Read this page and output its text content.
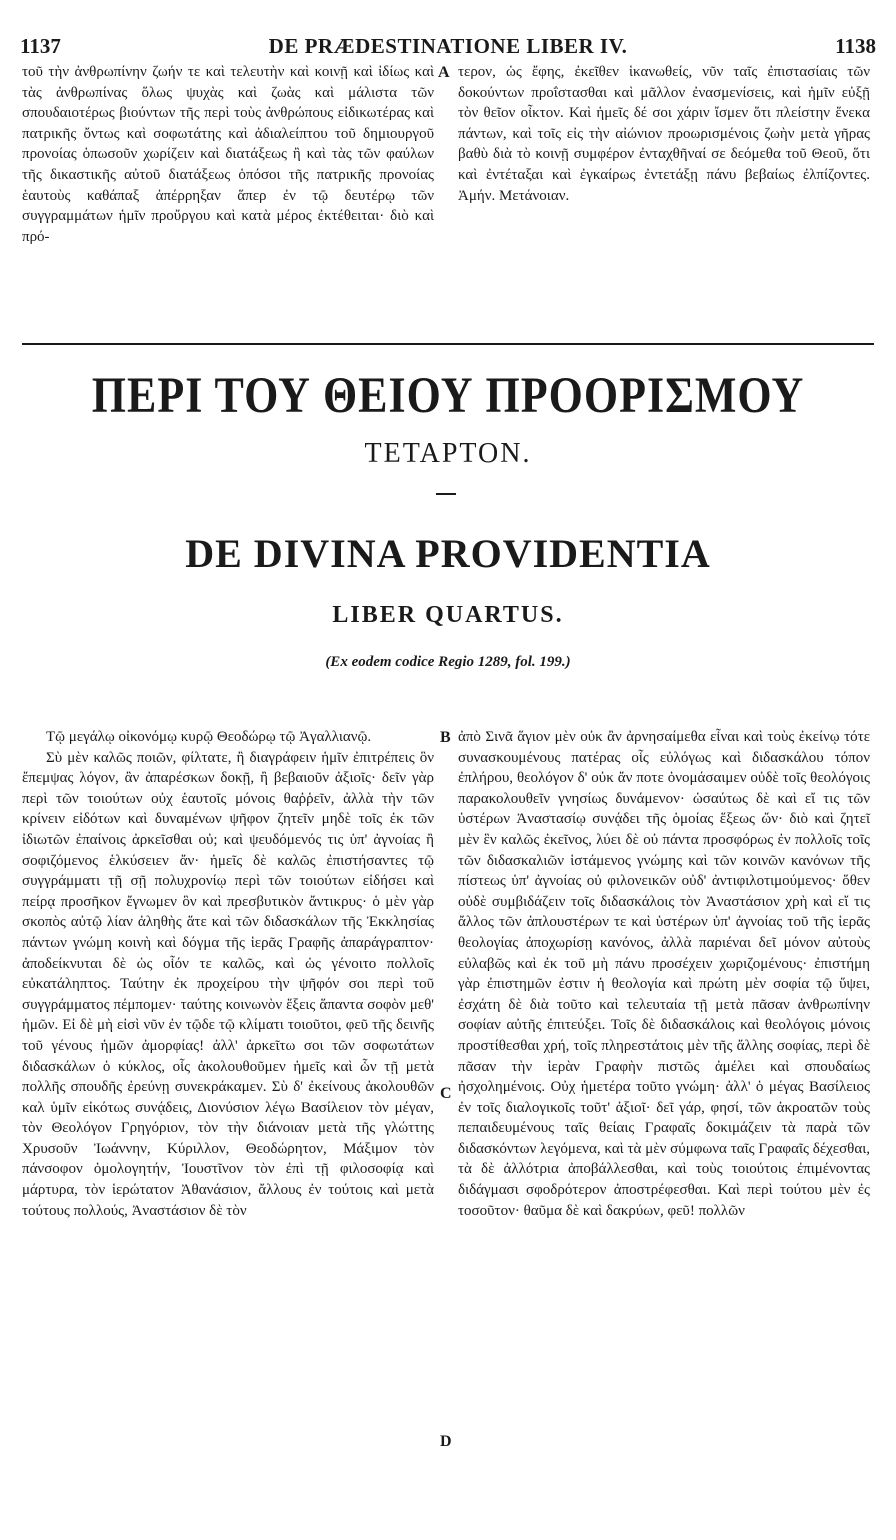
1137	DE PRÆDESTINATIONE LIBER IV.	1138

τοῦ τὴν ἀνθρωπίνην ζωήν τε καὶ τελευτὴν καὶ κοινῇ καὶ ἰδίως καὶ τὰς ἀνθρωπίνας ὅλως ψυχὰς καὶ ζωὰς καὶ μάλιστα τῶν σπουδαιοτέρως βιούντων τῆς περὶ τοὺς ἀνθρώπους εἰδικωτέρας καὶ πατρικῆς ὄντως καὶ σοφωτάτης καὶ ἀδιαλείπτου τοῦ δημιουργοῦ προνοίας ὁπωσοῦν χωρίζειν καὶ διατάξεως ἢ καὶ τὰς τῶν φαύλων τῆς δικαστικῆς αὐτοῦ διατάξεως ὁπόσοι τῆς πατρικῆς προνοίας ἑαυτοὺς καθάπαξ ἀπέρρηξαν ἅπερ ἐν τῷ δευτέρῳ τῶν συγγραμμάτων ἡμῖν προὔργου καὶ κατὰ μέρος ἐκτέθειται· διὸ καὶ πρό-

A τερον, ὡς ἔφης, ἐκεῖθεν ἱκανωθείς, νῦν ταῖς ἐπιστασίαις τῶν δοκούντων προΐστασθαι καὶ μᾶλλον ἐνασμενίσεις, καὶ ἡμῖν εὐξῇ τὸν θεῖον οἶκτον. Καὶ ἡμεῖς δέ σοι χάριν ἴσμεν ὅτι πλείστην ἕνεκα πάντων, καὶ τοῖς εἰς τὴν αἰώνιον προωρισμένοις ζωὴν μετὰ γῆρας βαθὺ διὰ τὸ κοινῇ συμφέρον ἐνταχθῆναί σε δεόμεθα τοῦ Θεοῦ, ὅτι καὶ ἐντέταξαι καὶ ἐγκαίρως ἐντετάξῃ πάνυ βεβαίως ἐλπίζοντες. Ἀμήν. Μετάνοιαν.

ΠΕΡΙ ΤΟΥ ΘΕΙΟΥ ΠΡΟΟΡΙΣΜΟΥ
ΤΕΤΑΡΤΟΝ.
DE DIVINA PROVIDENTIA
LIBER QUARTUS.
(Ex eodem codice Regio 1289, fol. 199.)

Τῷ μεγάλῳ οἰκονόμῳ κυρῷ Θεοδώρῳ τῷ Ἀγαλλιανῷ.

Σὺ μὲν καλῶς ποιῶν, φίλτατε, ἢ διαγράφειν ἡμῖν ἐπιτρέπεις ὃν ἔπεμψας λόγον, ἂν ἀπαρέσκων δοκῇ, ἢ βεβαιοῦν ἀξιοῖς· δεῖν γὰρ περὶ τῶν τοιούτων οὐχ ἑαυτοῖς μόνοις θαῤῥεῖν, ἀλλὰ τὴν τῶν κρίνειν εἰδότων καὶ δυναμένων ψῆφον ζητεῖν μηδὲ τοῖς ἐκ τῶν ἰδιωτῶν ἐπαίνοις ἀρκεῖσθαι οὐ; καὶ ψευδόμενός τις ὑπ' ἀγνοίας ἢ σοφιζόμενος ἑλκύσειεν ἄν· ἡμεῖς δὲ καλῶς ἐπιστήσαντες τῷ συγγράμματι τῇ σῇ πολυχρονίῳ περὶ τῶν τοιούτων εἰδήσει καὶ πείρᾳ προσῆκον ἔγνωμεν ὃν καὶ πρεσβυτικὸν ἄντικρυς· ὁ μὲν γὰρ σκοπὸς αὐτῷ λίαν ἀληθὴς ἅτε καὶ τῶν διδασκάλων τῆς Ἐκκλησίας πάντων γνώμη κοινὴ καὶ δόγμα τῆς ἱερᾶς Γραφῆς ἀπαράγραπτον· ἀποδείκνυται δὲ ὡς οἷόν τε καλῶς, καὶ ὡς γένοιτο πολλοῖς εὐκατάληπτος. Ταύτην ἐκ προχείρου τὴν ψῆφόν σοι περὶ τοῦ συγγράμματος πέμπομεν· ταύτης κοινωνὸν ἕξεις ἅπαντα σοφὸν μεθ' ἡμῶν. Εἰ δὲ μὴ εἰσὶ νῦν ἐν τῷδε τῷ κλίματι τοιοῦτοι, φεῦ τῆς δεινῆς τοῦ γένους ἡμῶν ἀμορφίας! ἀλλ' ἀρκεῖτω σοι τῶν σοφωτάτων διδασκάλων ὁ κύκλος, οἷς ἀκολουθοῦμεν ἡμεῖς καὶ ὧν τῇ μετὰ πολλῆς σπουδῆς ἐρεύνῃ συνεκράκαμεν. Σὺ δ' ἐκείνους ἀκολουθῶν καλ ὑμῖν εἰκότως συνᾴδεις, Διονύσιον λέγω Βασίλειον τὸν μέγαν, τὸν Θεολόγον Γρηγόριον, τὸν τὴν διάνοιαν μετὰ τῆς γλώττης Χρυσοῦν Ἰωάννην, Κύριλλον, Θεοδώρητον, Μάξιμον τὸν πάνσοφον ὁμολογητήν, Ἰουστῖνον τὸν ἐπὶ τῇ φιλοσοφίᾳ καὶ μάρτυρα, τὸν ἱερώτατον Ἀθανάσιον, ἄλλους ἐν τούτοις καὶ μετὰ τούτους πολλούς, Ἀναστάσιον δὲ τὸν

B
C
D

ἀπὸ Σινᾶ ἅγιον μὲν οὐκ ἂν ἀρνησαίμεθα εἶναι καὶ τοὺς ἐκείνῳ τότε συνασκουμένους πατέρας οἷς εὐλόγως καὶ διδασκάλου τόπον ἐπλήρου, θεολόγον δ' οὐκ ἄν ποτε ὀνομάσαιμεν οὐδὲ τοῖς θεολόγοις παρακολουθεῖν γνησίως δυνάμενον· ὡσαύτως δὲ καὶ εἴ τις τῶν ὑστέρων Ἀναστασίῳ συνᾴδει τῆς ὁμοίας ἕξεως ὤν· διὸ καὶ ζητεῖ μὲν ἓν καλῶς ἐκεῖνος, λύει δὲ οὐ πάντα προσφόρως ἐν πολλοῖς τοῖς τῶν διδασκαλιῶν ἱστάμενος γνώμης καὶ τῶν κοινῶν κανόνων τῆς πίστεως ὑπ' ἀγνοίας οὐ φιλονεικῶν οὐδ' ἀντιφιλοτιμούμενος· ὅθεν οὐδὲ συμβιδάζειν τοῖς διδασκάλοις τὸν Ἀναστάσιον χρὴ καὶ εἴ τις ἄλλος τῶν ἁπλουστέρων τε καὶ ὑστέρων ὑπ' ἀγνοίας τοῦ τῆς ἱερᾶς θεολογίας ἀποχωρίσῃ κανόνος, ἀλλὰ παριέναι δεῖ μόνον αὐτοὺς εὐλαβῶς καὶ ἐκ τοῦ μὴ πάνυ προσέχειν χωριζομένους· ἐπιστήμη γὰρ ἐπιστημῶν ἐστιν ἡ θεολογία καὶ πρώτη μὲν σοφία τῷ ὕψει, ἐσχάτη δὲ διὰ τοῦτο καὶ τελευταία τῇ μετὰ πᾶσαν ἀνθρωπίνην σοφίαν αὐτῆς ἐπιτεύξει. Τοῖς δὲ διδασκάλοις καὶ θεολόγοις μόνοις προστίθεσθαι χρή, τοῖς πληρεστάτοις μὲν τῆς ἄλλης σοφίας, περὶ δὲ πᾶσαν τὴν ἱερὰν Γραφὴν πιστῶς ἀμέλει καὶ σπουδαίως ἠσχολημένοις. Οὐχ ἡμετέρα τοῦτο γνώμη· ἀλλ' ὁ μέγας Βασίλειος ἐν τοῖς διαλογικοῖς τοῦτ' ἀξιοῖ· δεῖ γάρ, φησί, τῶν ἀκροατῶν τοὺς πεπαιδευμένους ταῖς θείαις Γραφαῖς δοκιμάζειν τὰ παρὰ τῶν διδασκόντων λεγόμενα, καὶ τὰ μὲν σύμφωνα ταῖς Γραφαῖς δέχεσθαι, τὰ δὲ ἀλλότρια ἀποβάλλεσθαι, καὶ τοὺς τοιούτοις ἐπιμένοντας διδάγμασι σφοδρότερον ἀποστρέφεσθαι. Καὶ περὶ τούτου μὲν ἐς τοσοῦτον· θαῦμα δὲ καὶ δακρύων, φεῦ! πολλῶν
